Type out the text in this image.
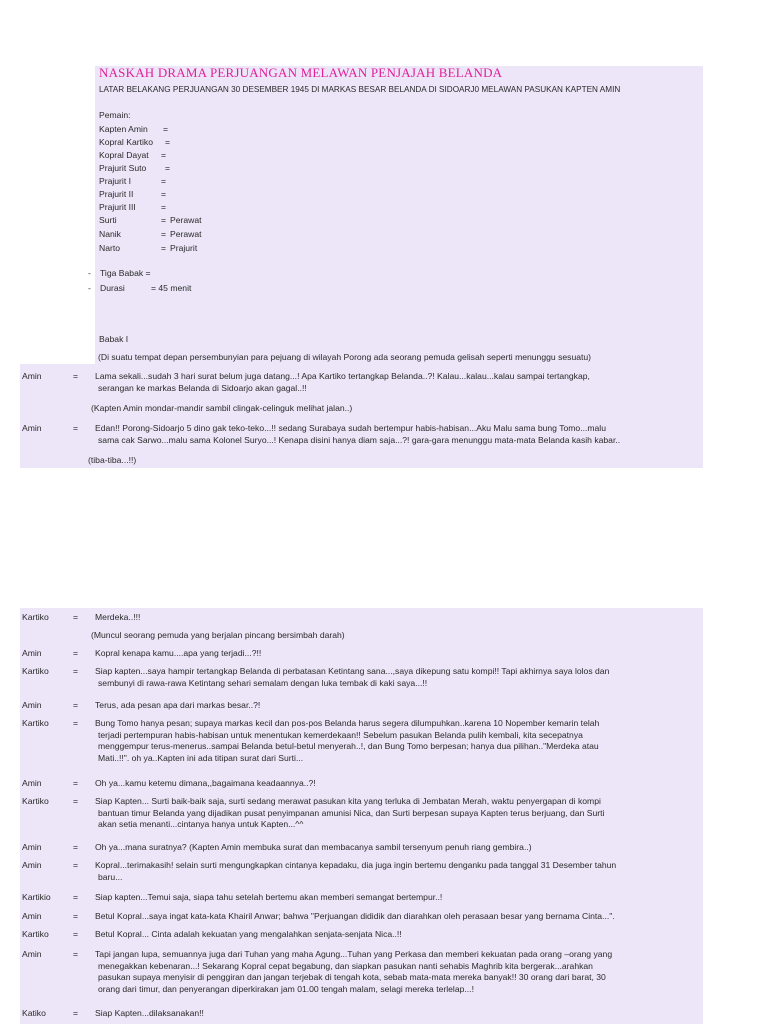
NASKAH DRAMA PERJUANGAN MELAWAN PENJAJAH BELANDA
LATAR BELAKANG PERJUANGAN 30 DESEMBER 1945 DI MARKAS BESAR BELANDA DI SIDOARJ0 MELAWAN PASUKAN KAPTEN AMIN
Pemain:
Kapten Amin =
Kopral Kartiko =
Kopral Dayat =
Prajurit Suto =
Prajurit I	=
Prajurit II	=
Prajurit III	=
Surti	= Perawat
Nanik	= Perawat
Narto	= Prajurit
- Tiga Babak =
- Durasi	= 45 menit
Babak I
(Di suatu tempat depan persembunyian para pejuang di wilayah Porong ada seorang pemuda gelisah seperti menunggu sesuatu)
Amin	= Lama sekali...sudah 3 hari surat belum juga datang...! Apa Kartiko tertangkap Belanda..?! Kalau...kalau...kalau sampai tertangkap,
serangan ke markas Belanda di Sidoarjo akan gagal..!!
(Kapten Amin mondar-mandir sambil clingak-celinguk melihat jalan..)
Amin	= Edan!! Porong-Sidoarjo 5 dino gak teko-teko...!! sedang Surabaya sudah bertempur habis-habisan...Aku Malu sama bung Tomo...malu
sama cak Sarwo...malu sama Kolonel Suryo...! Kenapa disini hanya diam saja...?! gara-gara menunggu mata-mata Belanda kasih kabar..
(tiba-tiba...!!)
Kartiko	= Merdeka..!!!
(Muncul seorang pemuda yang berjalan pincang bersimbah darah)
Amin	= Kopral kenapa kamu....apa yang terjadi...?!!
Kartiko	= Siap kapten...saya hampir tertangkap Belanda di perbatasan Ketintang sana...,saya dikepung satu kompi!! Tapi akhirnya saya lolos dan
sembunyi di rawa-rawa Ketintang sehari semalam dengan luka tembak di kaki saya...!!
Amin	= Terus, ada pesan apa dari markas besar..?!
Kartiko	= Bung Tomo hanya pesan; supaya markas kecil dan pos-pos Belanda harus segera dilumpuhkan..karena 10 Nopember kemarin telah
terjadi pertempuran habis-habisan untuk menentukan kemerdekaan!! Sebelum pasukan Belanda pulih kembali, kita secepatnya
menggempur terus-menerus..sampai Belanda betul-betul menyerah..!, dan Bung Tomo berpesan; hanya dua pilihan.."Merdeka atau
Mati..!!". oh ya..Kapten ini ada titipan surat dari Surti...
Amin	= Oh ya...kamu ketemu dimana,,bagaimana keadaannya..?!
Kartiko	= Siap Kapten... Surti baik-baik saja, surti sedang merawat pasukan kita yang terluka di Jembatan Merah, waktu penyergapan di kompi
bantuan timur Belanda yang dijadikan pusat penyimpanan amunisi Nica, dan Surti berpesan supaya Kapten terus berjuang, dan Surti
akan setia menanti...cintanya hanya untuk Kapten...^^
Amin	= Oh ya...mana suratnya? (Kapten Amin membuka surat dan membacanya sambil tersenyum penuh riang gembira..)
Amin	= Kopral...terimakasih! selain surti mengungkapkan cintanya kepadaku, dia juga ingin bertemu denganku pada tanggal 31 Desember tahun
baru...
Kartikio	= Siap kapten...Temui saja, siapa tahu setelah bertemu akan memberi semangat bertempur..!
Amin	= Betul Kopral...saya ingat kata-kata Khairil Anwar; bahwa "Perjuangan dididik dan diarahkan oleh perasaan besar yang bernama Cinta...".
Kartiko	= Betul Kopral... Cinta adalah kekuatan yang mengalahkan senjata-senjata Nica..!!
Amin	= Tapi jangan lupa, semuannya juga dari Tuhan yang maha Agung...Tuhan yang Perkasa dan memberi kekuatan pada orang –orang yang
menegakkan kebenaran...! Sekarang Kopral cepat begabung, dan siapkan pasukan nanti sehabis Maghrib kita bergerak...arahkan
pasukan supaya menyisir di penggiran dan jangan terjebak di tengah kota, sebab mata-mata mereka banyak!! 30 orang dari barat, 30
orang dari timur, dan penyerangan diperkirakan jam 01.00 tengah malam, selagi mereka terlelap...!
Katiko	= Siap Kapten...dilaksanakan!!
